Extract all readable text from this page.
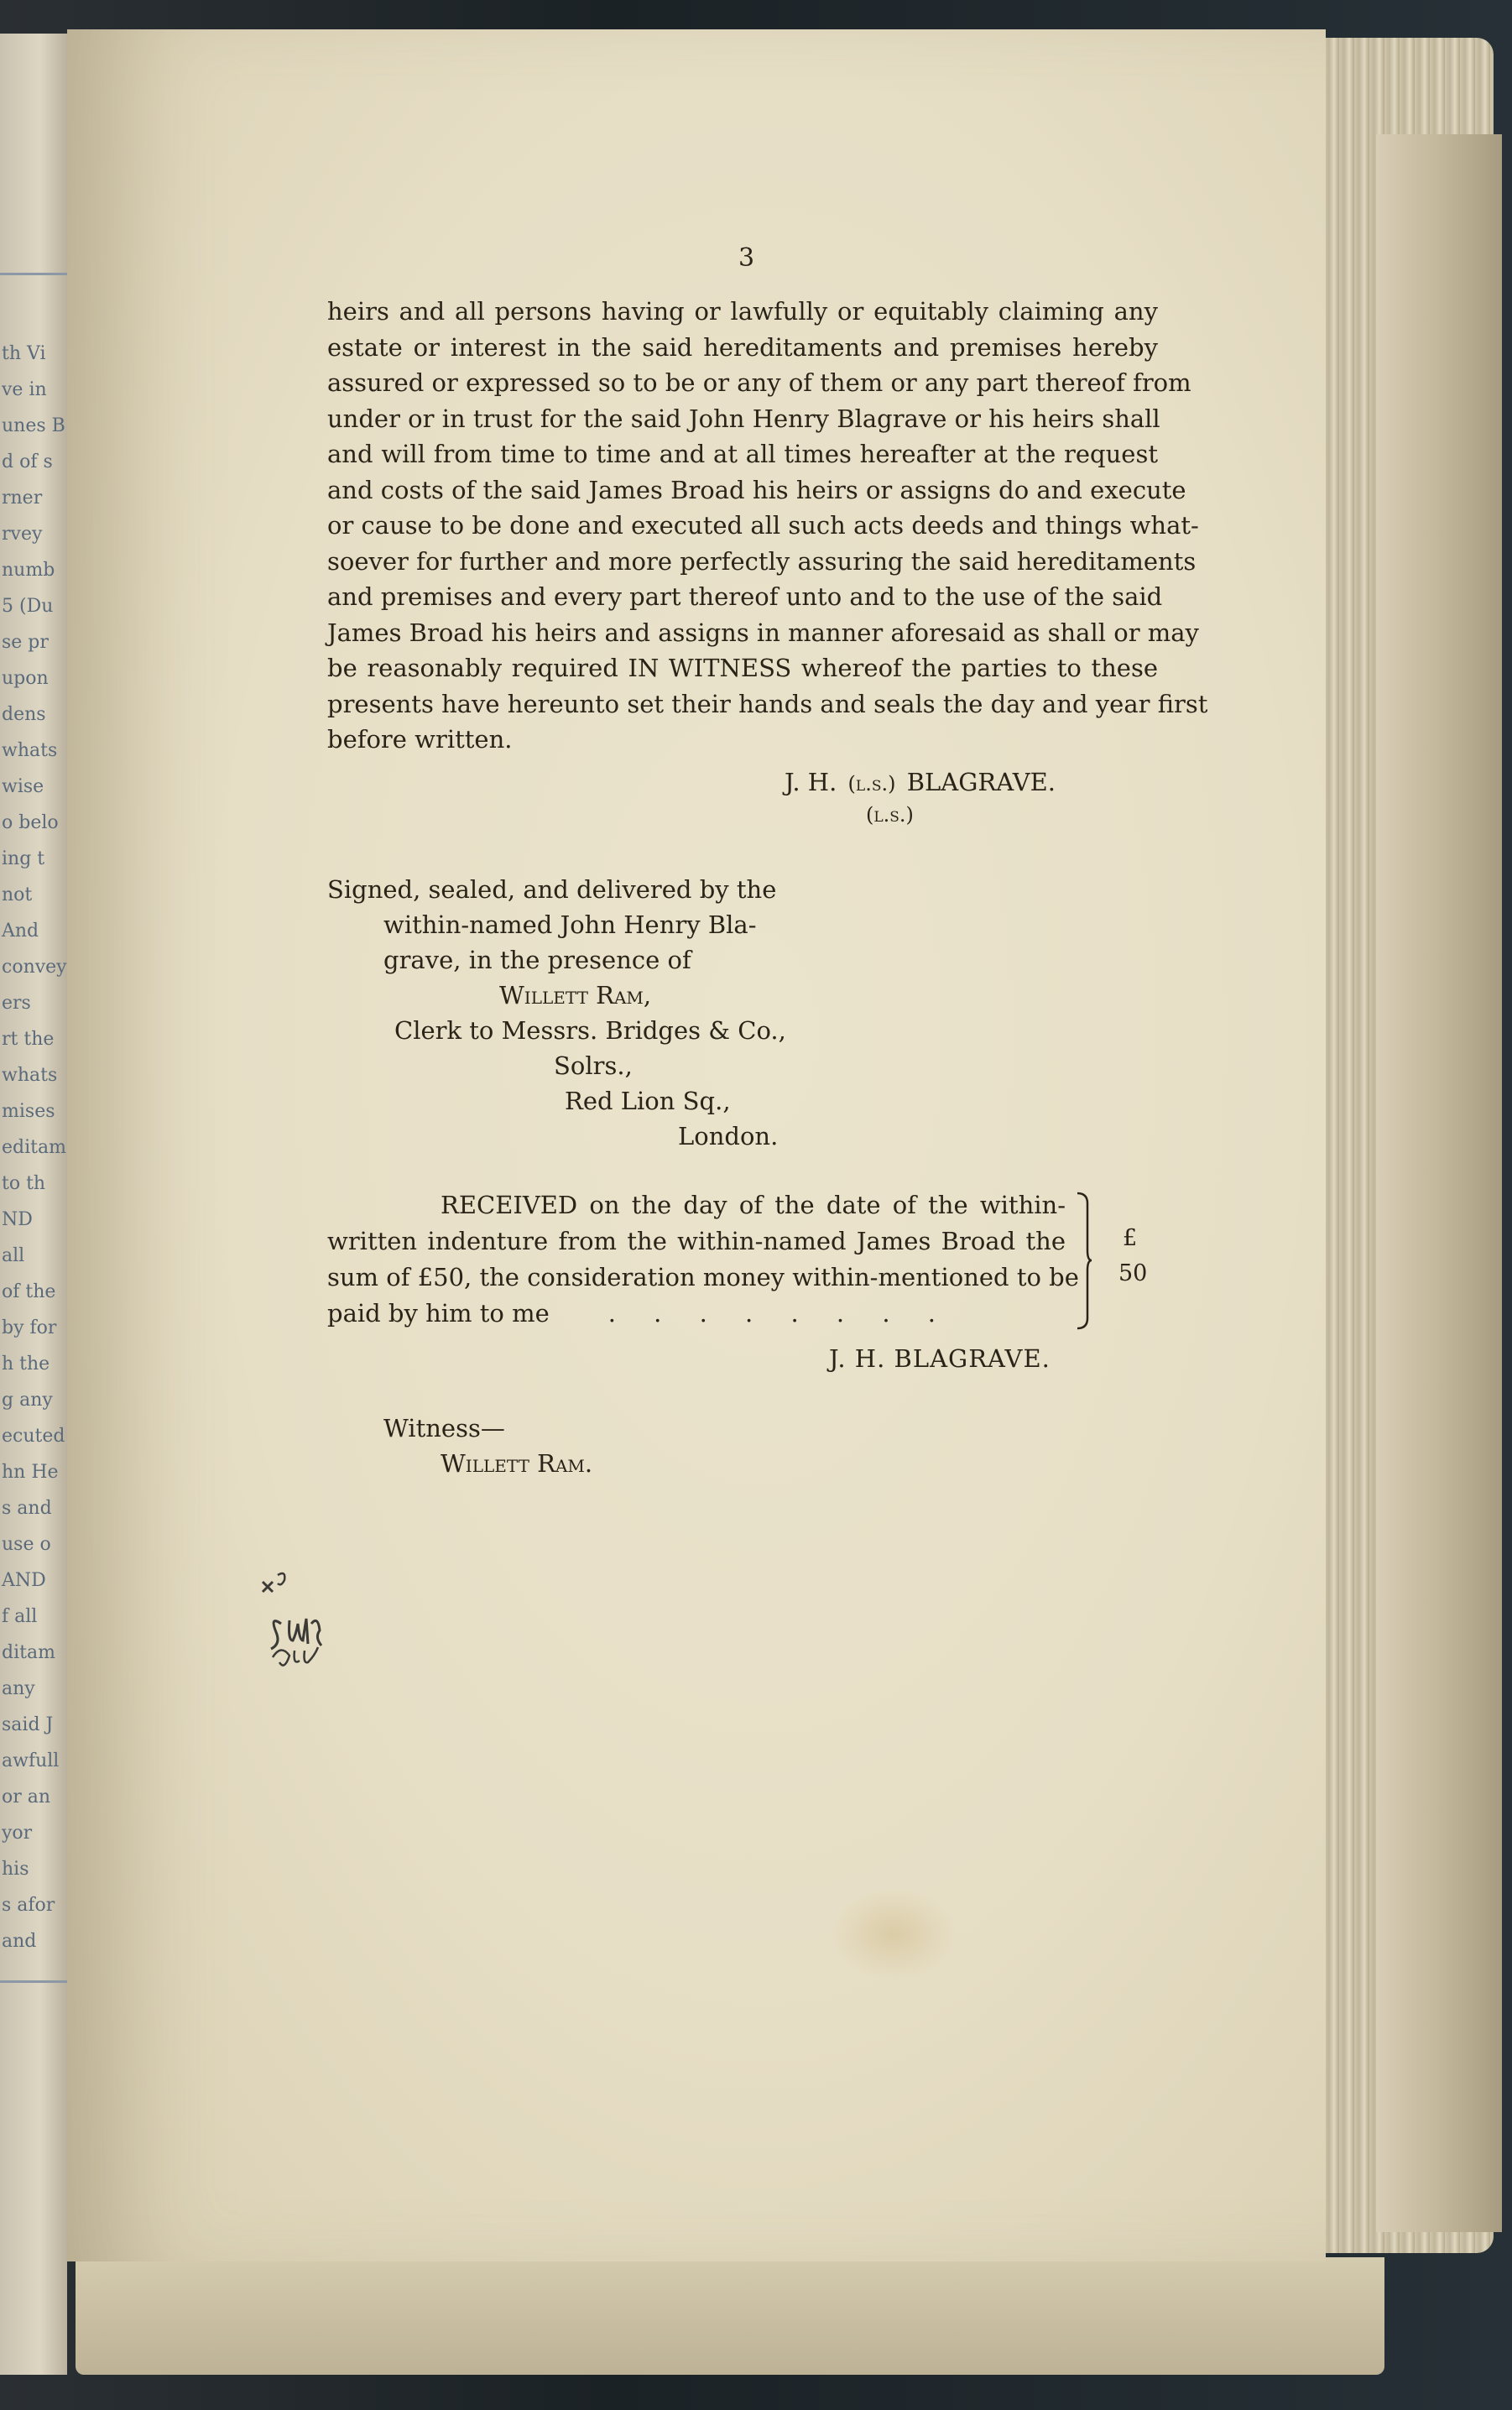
th Vi
ve in
unes B
d of s
rner
rvey
numb
5 (Du
se pr
upon
dens
whats
wise
o belo
ing t
not
And
convey
ers
rt the
whats
mises
editam
to th
ND
all
of the
by for
h the
g any
ecuted
hn He
s and
use o
AND
f all
ditam
any
said J
awfull
or an
yor
his
s afor
and
3
heirs and all persons having or lawfully or equitably claiming any
estate or interest in the said hereditaments and premises hereby
assured or expressed so to be or any of them or any part thereof from
under or in trust for the said John Henry Blagrave or his heirs shall
and will from time to time and at all times hereafter at the request
and costs of the said James Broad his heirs or assigns do and execute
or cause to be done and executed all such acts deeds and things what-
soever for further and more perfectly assuring the said hereditaments
and premises and every part thereof unto and to the use of the said
James Broad his heirs and assigns in manner aforesaid as shall or may
be reasonably required IN WITNESS whereof the parties to these
presents have hereunto set their hands and seals the day and year first
before written.
J. H. (l.s.) BLAGRAVE.
(l.s.)
Signed, sealed, and delivered by the
within-named John Henry Bla-
grave, in the presence of
Willett Ram,
Clerk to Messrs. Bridges & Co.,
Solrs.,
Red Lion Sq.,
London.
RECEIVED on the day of the date of the within-
written indenture from the within-named James Broad the
sum of £50, the consideration money within-mentioned to be
paid by him to me . . . . . . . .
£
50
J. H. BLAGRAVE.
Witness—
Willett Ram.
